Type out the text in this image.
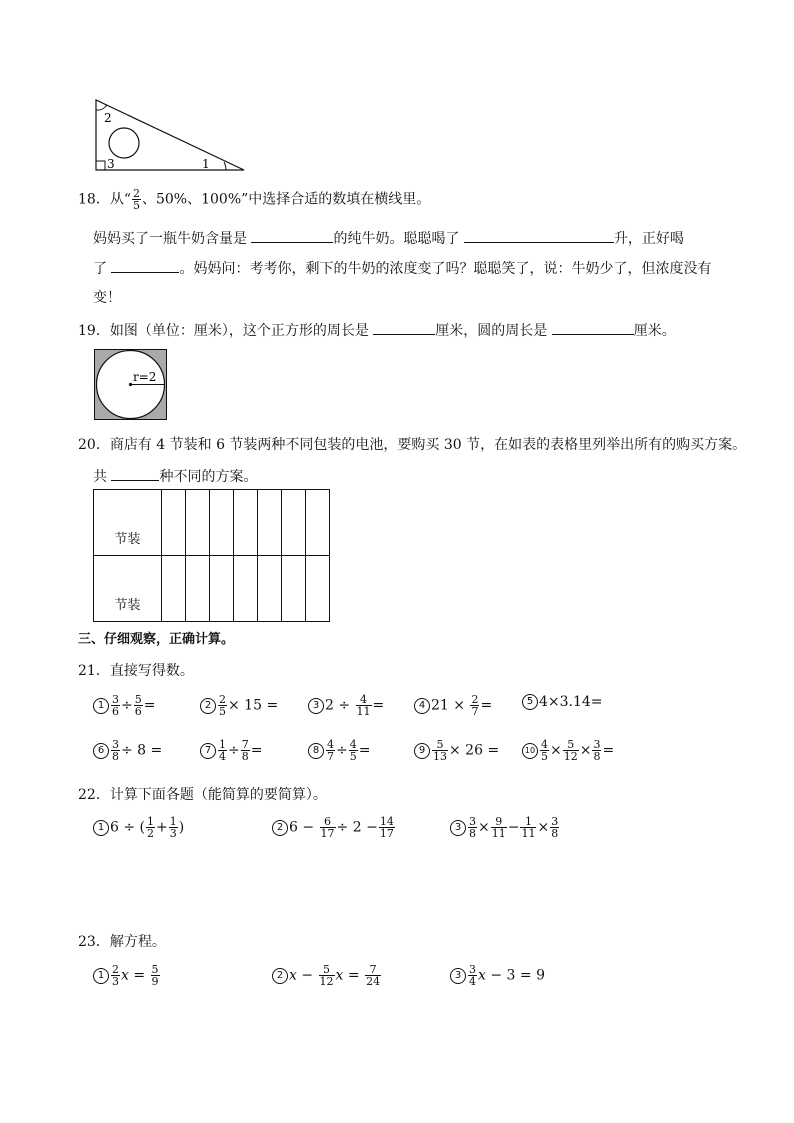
2
3	1
18．从“ $\frac{2}{5}$ 、50%、100%”中选择合适的数填在横线里。
妈妈买了一瓶牛奶含量是	的纯牛奶。聪聪喝了	升，正好喝
了	。妈妈问：考考你，剩下的牛奶的浓度变了吗？聪聪笑了，说：牛奶少了，但浓度没有
变！
19．如图（单位：厘米），这个正方形的周长是	厘米，圆的周长是	厘米。
r=2
20．商店有 4 节装和 6 节装两种不同包装的电池，要购买 30 节，在如表的表格里列举出所有的购买方案。
共	种不同的方案。
节装							
节装							
三、仔细观察，正确计算。
21．直接写得数。
$1 \frac{3}{6} \div \frac{5}{6}$ =	$2 \frac{2}{5} \times 15$ =	3 $2 \div \frac{4}{11}$ =	4 $21 \times \frac{2}{7}$ =	5 4×3.14=
$6 \frac{3}{8} \div 8$ =	$7 \frac{1}{4} \div \frac{7}{8}$ =	$8 \frac{4}{7} \div \frac{4}{5}$ =	$9 \frac{5}{13} \times 26$ =	$10 \frac{4}{5} \times \frac{5}{12} \times \frac{3}{8}$ =
22．计算下面各题（能简算的要简算）。
1 6 ÷ ( $\frac{1}{2} + \frac{1}{3}$ )	2 $6 - \frac{6}{17} \div 2 - \frac{14}{17}$	$3 \frac{3}{8} \times \frac{9}{11} - \frac{1}{11} \times \frac{3}{8}$
23．解方程。
$1 \frac{2}{3}$ $x = \frac{5}{9}$	2 $x - \frac{5}{12}$ $x = \frac{7}{24}$	$3 \frac{3}{4}$ x − 3 = 9
